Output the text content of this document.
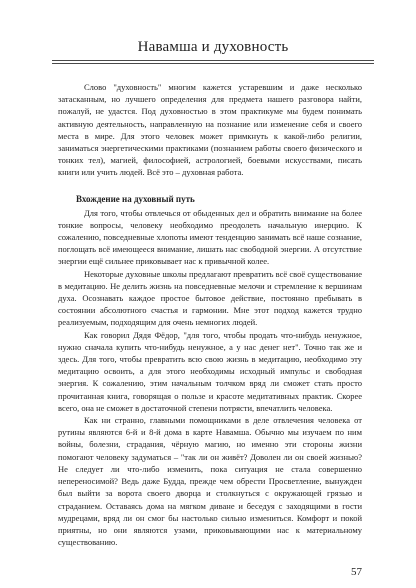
Навамша и духовность

Слово "духовность" многим кажется устаревшим и даже несколько затасканным, но лучшего определения для предмета нашего разговора найти, пожалуй, не удастся. Под духовностью в этом практикуме мы будем понимать активную деятельность, направленную на познание или изменение себя и своего места в мире. Для этого человек может примкнуть к какой-либо религии, заниматься энергетическими практиками (познанием работы своего физического и тонких тел), магией, философией, астрологией, боевыми искусствами, писать книги или учить людей. Всё это – духовная работа.

Вхождение на духовный путь

Для того, чтобы отвлечься от обыденных дел и обратить внимание на более тонкие вопросы, человеку необходимо преодолеть начальную инерцию. К сожалению, повседневные хлопоты имеют тенденцию занимать всё наше сознание, поглощать всё имеющееся внимание, лишать нас свободной энергии. А отсутствие энергии ещё сильнее приковывает нас к привычной колее.

Некоторые духовные школы предлагают превратить всё своё существование в медитацию. Не делить жизнь на повседневные мелочи и стремление к вершинам духа. Осознавать каждое простое бытовое действие, постоянно пребывать в состоянии абсолютного счастья и гармонии. Мне этот подход кажется трудно реализуемым, подходящим для очень немногих людей.

Как говорил Дядя Фёдор, "для того, чтобы продать что-нибудь ненужное, нужно сначала купить что-нибудь ненужное, а у нас денег нет". Точно так же и здесь. Для того, чтобы превратить всю свою жизнь в медитацию, необходимо эту медитацию освоить, а для этого необходимы исходный импульс и свободная энергия. К сожалению, этим начальным толчком вряд ли сможет стать просто прочитанная книга, говорящая о пользе и красоте медитативных практик. Скорее всего, она не сможет в достаточной степени потрясти, впечатлить человека.

Как ни странно, главными помощниками в деле отвлечения человека от рутины являются 6-й и 8-й дома в карте Навамша. Обычно мы изучаем по ним войны, болезни, страдания, чёрную магию, но именно эти стороны жизни помогают человеку задуматься – "так ли он живёт? Доволен ли он своей жизнью? Не следует ли что-либо изменить, пока ситуация не стала совершенно непереносимой? Ведь даже Будда, прежде чем обрести Просветление, вынужден был выйти за ворота своего дворца и столкнуться с окружающей грязью и страданием. Оставаясь дома на мягком диване и беседуя с заходящими в гости мудрецами, вряд ли он смог бы настолько сильно измениться. Комфорт и покой приятны, но они являются узами, приковывающими нас к материальному существованию.

57
